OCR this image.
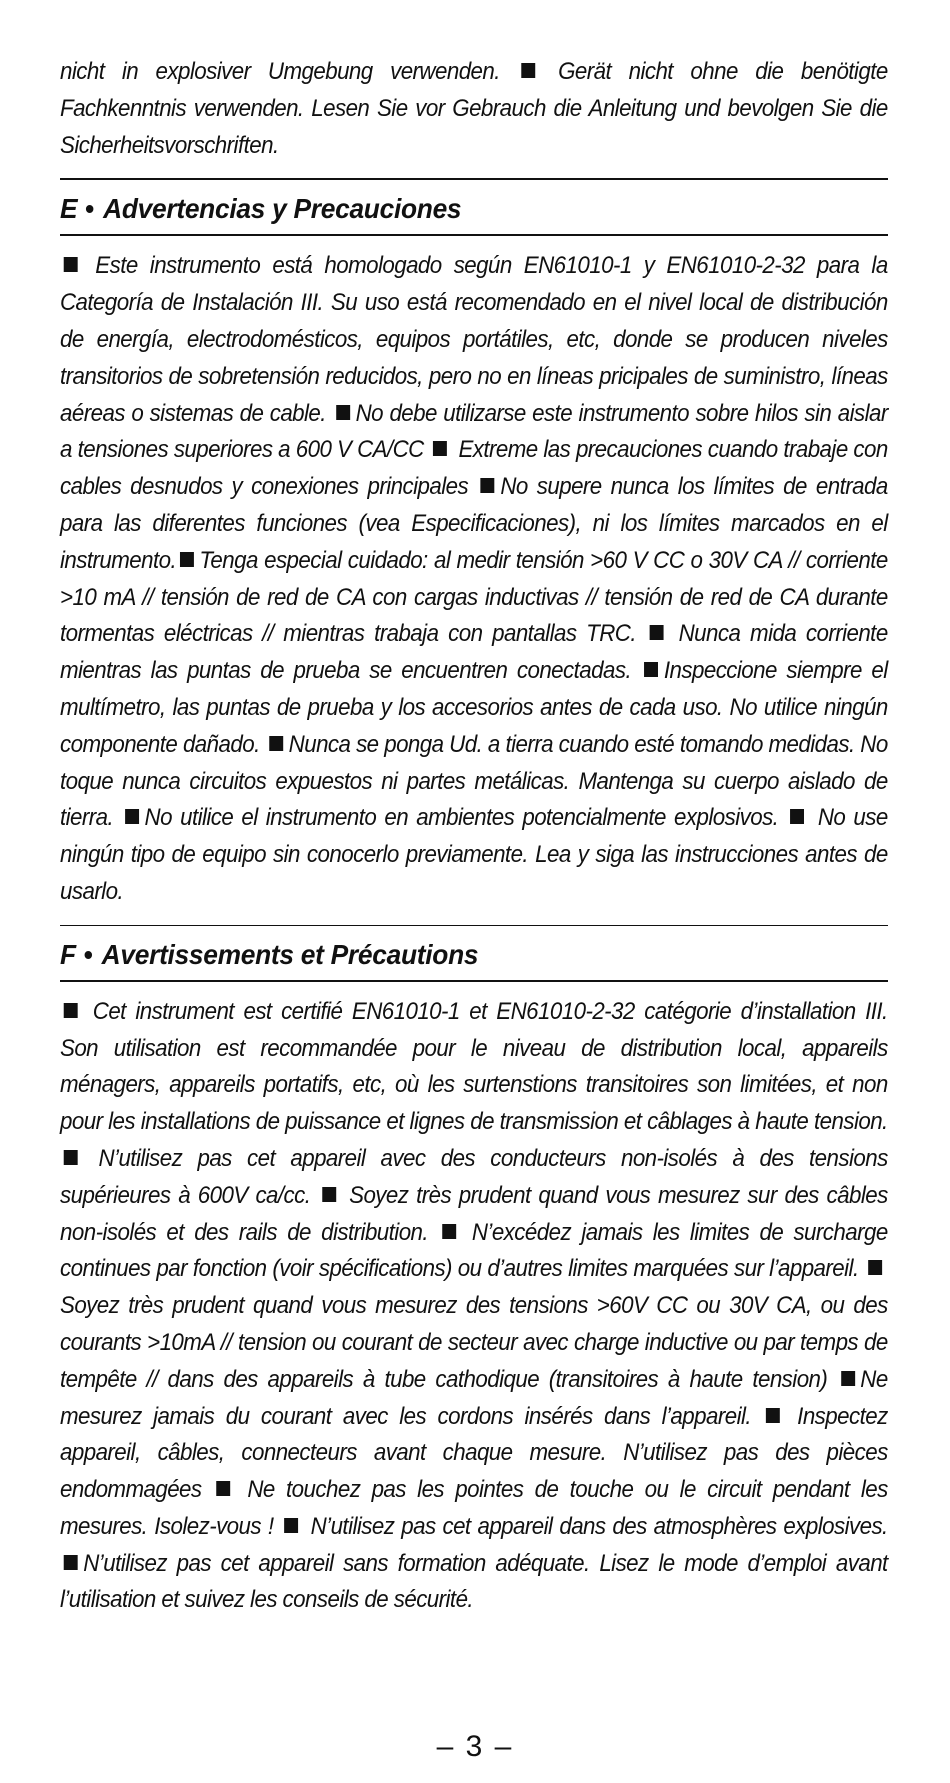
nicht in explosiver Umgebung verwenden.  Gerät nicht ohne die benötigte Fachkenntnis verwenden. Lesen Sie vor Gebrauch die Anleitung und bevolgen Sie die Sicherheitsvorschriften.

E • Advertencias y Precauciones

Este instrumento está homologado según EN61010-1 y EN61010-2-32 para la Categoría de Instalación III. Su uso está recomendado en el nivel local de distribución de energía, electrodomésticos, equipos portátiles, etc, donde se producen niveles transitorios de sobretensión reducidos, pero no en líneas pricipales de suministro, líneas aéreas o sistemas de cable. No debe utilizarse este instrumento sobre hilos sin aislar a tensiones superiores a 600 V CA/CC  Extreme las precauciones cuando trabaje con cables desnudos y conexiones principales No supere nunca los límites de entrada para las diferentes funciones (vea Especificaciones), ni los límites marcados en el instrumento. Tenga especial cuidado: al medir tensión >60 V CC o 30V CA // corriente >10 mA // tensión de red de CA con cargas inductivas // tensión de red de CA durante tormentas eléctricas // mientras trabaja con pantallas TRC.  Nunca mida corriente mientras las puntas de prueba se encuentren conectadas. Inspeccione siempre el multímetro, las puntas de prueba y los accesorios antes de cada uso. No utilice ningún componente dañado. Nunca se ponga Ud. a tierra cuando esté tomando medidas. No toque nunca circuitos expuestos ni partes metálicas. Mantenga su cuerpo aislado de tierra. No utilice el instrumento en ambientes potencialmente explosivos.  No use ningún tipo de equipo sin conocerlo previamente. Lea y siga las instrucciones antes de usarlo.

F • Avertissements et Précautions

Cet instrument est certifié EN61010-1 et EN61010-2-32 catégorie d’installation III. Son utilisation est recommandée pour le niveau de distribution local, appareils ménagers, appareils portatifs, etc, où les surtenstions transitoires son limitées, et non pour les installations de puissance et lignes de transmission et câblages à haute tension.  N’utilisez pas cet appareil avec des conducteurs non-isolés à des tensions supérieures à 600V ca/cc.  Soyez très prudent quand vous mesurez sur des câbles non-isolés et des rails de distribution.  N’excédez jamais les limites de surcharge continues par fonction (voir spécifications) ou d’autres limites marquées sur l’appareil.  Soyez très prudent quand vous mesurez des tensions >60V CC ou 30V CA, ou des courants >10mA // tension ou courant de secteur avec charge inductive ou par temps de tempête // dans des appareils à tube cathodique (transitoires à haute tension) Ne mesurez jamais du courant avec les cordons insérés dans l’appareil.  Inspectez appareil, câbles, connecteurs avant chaque mesure. N’utilisez pas des pièces endommagées  Ne touchez pas les pointes de touche ou le circuit pendant les mesures. Isolez-vous !  N’utilisez pas cet appareil dans des atmosphères explosives. N’utilisez pas cet appareil sans formation adéquate. Lisez le mode d’emploi avant l’utilisation et suivez les conseils de sécurité.

– 3 –
